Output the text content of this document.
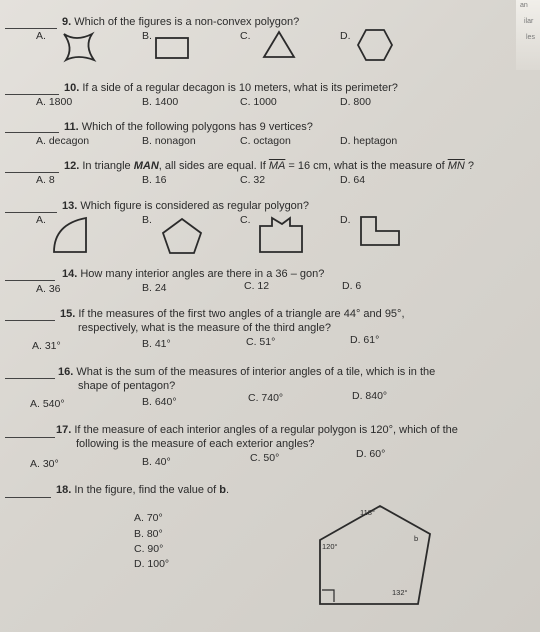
an
ilar
les
9. Which of the figures is a non-convex polygon?
A.	B.	C.	D.
10. If a side of a regular decagon is 10 meters, what is its perimeter?
A. 1800	B. 1400	C. 1000	D. 800
11. Which of the following polygons has 9 vertices?
A. decagon	B. nonagon	C. octagon	D. heptagon
12. In triangle MAN, all sides are equal. If $\overline{MA} = 16$ cm, what is the measure of $\overline{MN}$ ?
A. 8	B. 16	C. 32	D. 64
13. Which figure is considered as regular polygon?
A.	B.	C.	D.
14. How many interior angles are there in a 36 – gon?
A. 36	B. 24	C. 12	D. 6
15. If the measures of the first two angles of a triangle are 44° and 95°,
respectively, what is the measure of the third angle?
A. 31°	B. 41°	C. 51°	D. 61°
16. What is the sum of the measures of interior angles of a tile, which is in the
shape of pentagon?
A. 540°	B. 640°	C. 740°	D. 840°
17. If the measure of each interior angles of a regular polygon is 120°, which of the
following is the measure of each exterior angles?
A. 30°	B. 40°	C. 50°	D. 60°
18. In the figure, find the value of b.
A. 70°
B. 80°
C. 90°
D. 100°
118°
120°
b
132°
